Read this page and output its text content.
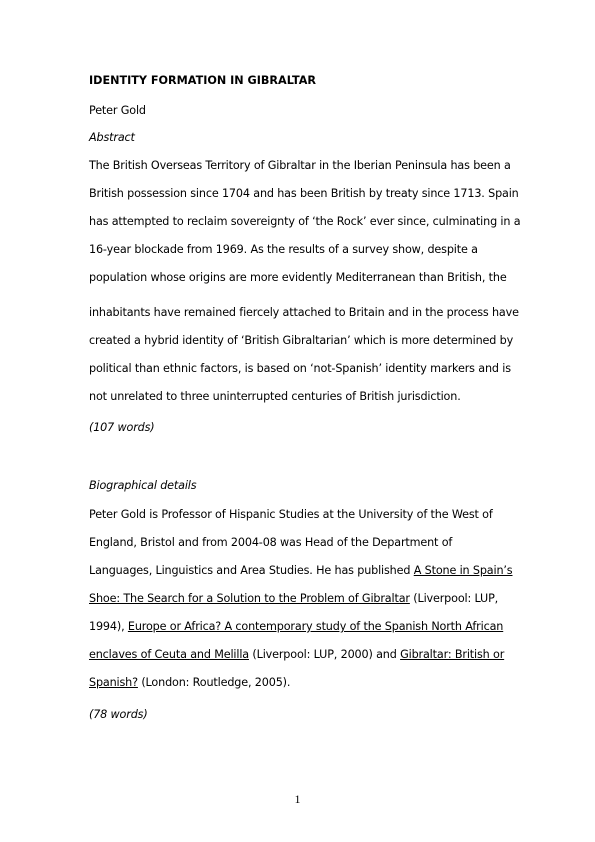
IDENTITY FORMATION IN GIBRALTAR
Peter Gold
Abstract
The British Overseas Territory of Gibraltar in the Iberian Peninsula has been a
British possession since 1704 and has been British by treaty since 1713. Spain
has attempted to reclaim sovereignty of ‘the Rock’ ever since, culminating in a
16-year blockade from 1969. As the results of a survey show, despite a
population whose origins are more evidently Mediterranean than British, the
inhabitants have remained fiercely attached to Britain and in the process have
created a hybrid identity of ‘British Gibraltarian’ which is more determined by
political than ethnic factors, is based on ‘not-Spanish’ identity markers and is
not unrelated to three uninterrupted centuries of British jurisdiction.
(107 words)
Biographical details
Peter Gold is Professor of Hispanic Studies at the University of the West of
England, Bristol and from 2004-08 was Head of the Department of
Languages, Linguistics and Area Studies. He has published A Stone in Spain’s
Shoe: The Search for a Solution to the Problem of Gibraltar (Liverpool: LUP,
1994), Europe or Africa? A contemporary study of the Spanish North African
enclaves of Ceuta and Melilla (Liverpool: LUP, 2000) and Gibraltar: British or
Spanish? (London: Routledge, 2005).
(78 words)
1
